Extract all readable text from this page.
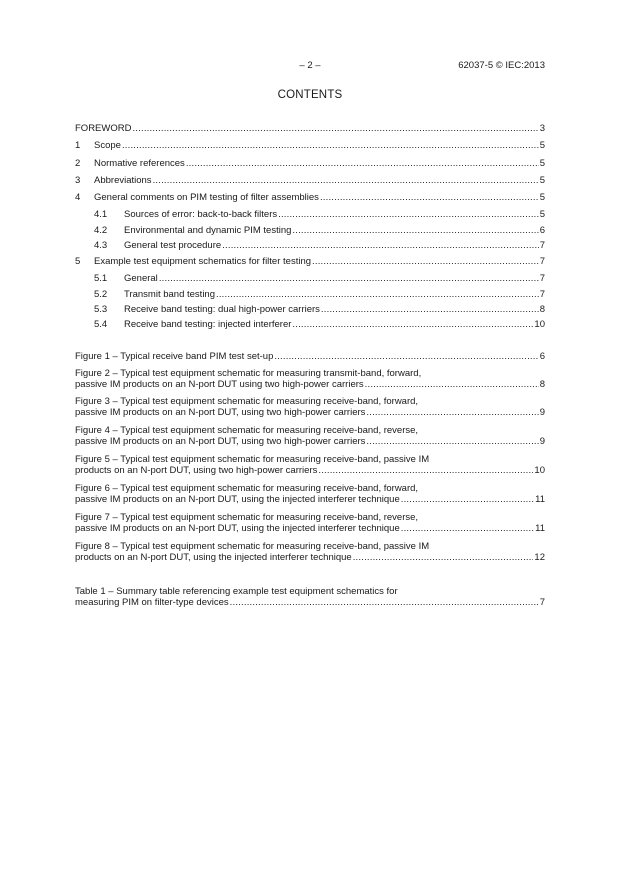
– 2 –	62037-5 © IEC:2013
CONTENTS
FOREWORD .....	3
1	Scope .....	5
2	Normative references .....	5
3	Abbreviations .....	5
4	General comments on PIM testing of filter assemblies .....	5
4.1	Sources of error: back-to-back filters .....	5
4.2	Environmental and dynamic PIM testing .....	6
4.3	General test procedure .....	7
5	Example test equipment schematics for filter testing .....	7
5.1	General .....	7
5.2	Transmit band testing .....	7
5.3	Receive band testing: dual high-power carriers .....	8
5.4	Receive band testing: injected interferer .....	10
Figure 1 – Typical receive band PIM test set-up .....	6
Figure 2 – Typical test equipment schematic for measuring transmit-band, forward,
passive IM products on an N-port DUT using two high-power carriers .....	8
Figure 3 – Typical test equipment schematic for measuring receive-band, forward,
passive IM products on an N-port DUT, using two high-power carriers .....	9
Figure 4 – Typical test equipment schematic for measuring receive-band, reverse,
passive IM products on an N-port DUT, using two high-power carriers .....	9
Figure 5 – Typical test equipment schematic for measuring receive-band, passive IM
products on an N-port DUT, using two high-power carriers .....	10
Figure 6 – Typical test equipment schematic for measuring receive-band, forward,
passive IM products on an N-port DUT, using the injected interferer technique .....	11
Figure 7 – Typical test equipment schematic for measuring receive-band, reverse,
passive IM products on an N-port DUT, using the injected interferer technique .....	11
Figure 8 – Typical test equipment schematic for measuring receive-band, passive IM
products on an N-port DUT, using the injected interferer technique .....	12
Table 1 – Summary table referencing example test equipment schematics for
measuring PIM on filter-type devices .....	7
